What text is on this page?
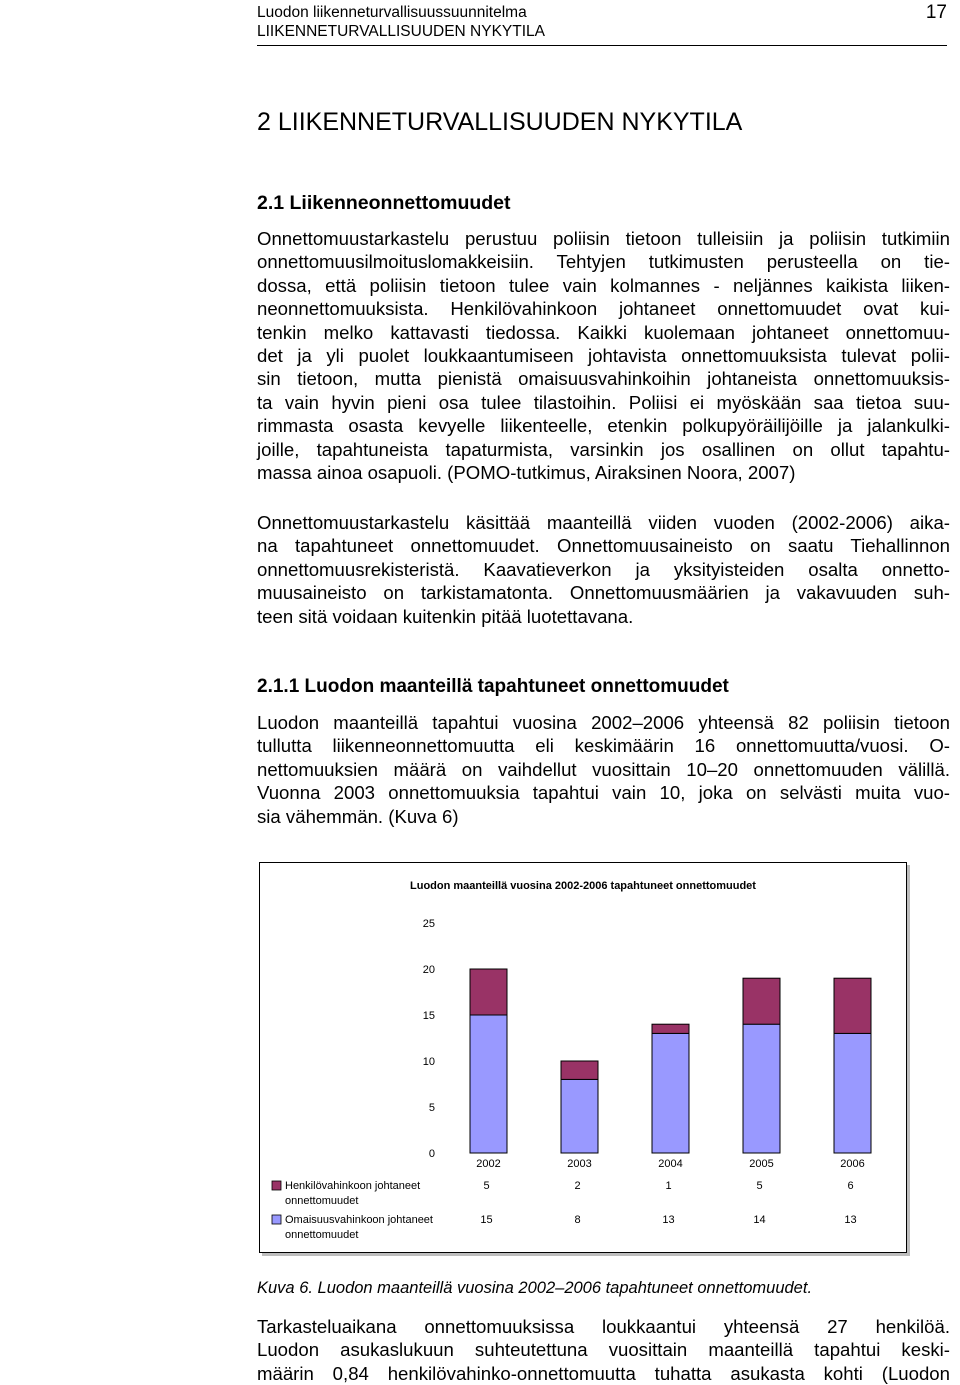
Luodon liikenneturvallisuussuunnitelma
LIIKENNETURVALLISUUDEN NYKYTILA
17
2 LIIKENNETURVALLISUUDEN NYKYTILA
2.1 Liikenneonnettomuudet

Onnettomuustarkastelu perustuu poliisin tietoon tulleisiin ja poliisin tutkimiin
onnettomuusilmoituslomakkeisiin. Tehtyjen tutkimusten perusteella on tie-
dossa, että poliisin tietoon tulee vain kolmannes - neljännes kaikista liiken-
neonnettomuuksista. Henkilövahinkoon johtaneet onnettomuudet ovat kui-
tenkin melko kattavasti tiedossa. Kaikki kuolemaan johtaneet onnettomuu-
det ja yli puolet loukkaantumiseen johtavista onnettomuuksista tulevat polii-
sin tietoon, mutta pienistä omaisuusvahinkoihin johtaneista onnettomuuksis-
ta vain hyvin pieni osa tulee tilastoihin. Poliisi ei myöskään saa tietoa suu-
rimmasta osasta kevyelle liikenteelle, etenkin polkupyöräilijöille ja jalankulki-
joille, tapahtuneista tapaturmista, varsinkin jos osallinen on ollut tapahtu-
massa ainoa osapuoli. (POMO-tutkimus, Airaksinen Noora, 2007)

Onnettomuustarkastelu käsittää maanteillä viiden vuoden (2002-2006) aika-
na tapahtuneet onnettomuudet. Onnettomuusaineisto on saatu Tiehallinnon
onnettomuusrekisteristä. Kaavatieverkon ja yksityisteiden osalta onnetto-
muusaineisto on tarkistamatonta. Onnettomuusmäärien ja vakavuuden suh-
teen sitä voidaan kuitenkin pitää luotettavana.

2.1.1 Luodon maanteillä tapahtuneet onnettomuudet

Luodon maanteillä tapahtui vuosina 2002–2006 yhteensä 82 poliisin tietoon
tullutta liikenneonnettomuutta eli keskimäärin 16 onnettomuutta/vuosi. O-
nettomuuksien määrä on vaihdellut vuosittain 10–20 onnettomuuden välillä.
Vuonna 2003 onnettomuuksia tapahtui vain 10, joka on selvästi muita vuo-
sia vähemmän. (Kuva 6)

Luodon maanteillä vuosina 2002-2006 tapahtuneet onnettomuudet
0
5
10
15
20
25
2002	2003	2004	2005	2006
Henkilövahinkoon johtaneet
onnettomuudet
5	2	1	5	6
Omaisuusvahinkoon johtaneet
onnettomuudet
15	8	13	14	13

Kuva 6. Luodon maanteillä vuosina 2002–2006 tapahtuneet onnettomuudet.

Tarkasteluaikana onnettomuuksissa loukkaantui yhteensä 27 henkilöä.
Luodon asukaslukuun suhteutettuna vuosittain maanteillä tapahtui keski-
määrin 0,84 henkilövahinko-onnettomuutta tuhatta asukasta kohti (Luodon
